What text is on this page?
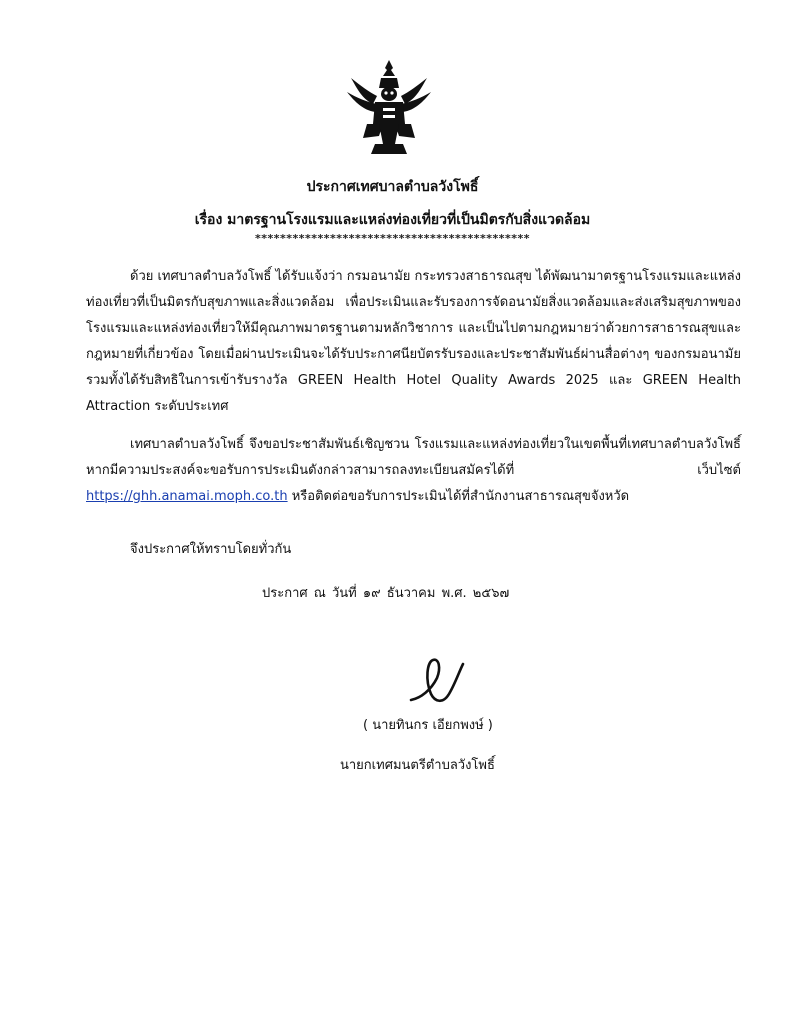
ประกาศเทศบาลตำบลวังโพธิ์
เรื่อง มาตรฐานโรงแรมและแหล่งท่องเที่ยวที่เป็นมิตรกับสิ่งแวดล้อม
********************************************
ด้วย เทศบาลตำบลวังโพธิ์ ได้รับแจ้งว่า กรมอนามัย กระทรวงสาธารณสุข ได้พัฒนามาตรฐานโรงแรมและแหล่งท่องเที่ยวที่เป็นมิตรกับสุขภาพและสิ่งแวดล้อม เพื่อประเมินและรับรองการจัดอนามัยสิ่งแวดล้อมและส่งเสริมสุขภาพของโรงแรมและแหล่งท่องเที่ยวให้มีคุณภาพมาตรฐานตามหลักวิชาการ และเป็นไปตามกฎหมายว่าด้วยการสาธารณสุขและกฎหมายที่เกี่ยวข้อง โดยเมื่อผ่านประเมินจะได้รับประกาศนียบัตรรับรองและประชาสัมพันธ์ผ่านสื่อต่างๆ ของกรมอนามัย รวมทั้งได้รับสิทธิในการเข้ารับรางวัล GREEN Health Hotel Quality Awards 2025 และ GREEN Health Attraction ระดับประเทศ
เทศบาลตำบลวังโพธิ์ จึงขอประชาสัมพันธ์เชิญชวน โรงแรมและแหล่งท่องเที่ยวในเขตพื้นที่เทศบาลตำบลวังโพธิ์ หากมีความประสงค์จะขอรับการประเมินดังกล่าวสามารถลงทะเบียนสมัครได้ที่ เว็บไซต์ https://ghh.anamai.moph.co.th หรือติดต่อขอรับการประเมินได้ที่สำนักงานสาธารณสุขจังหวัด
จึงประกาศให้ทราบโดยทั่วกัน
ประกาศ ณ วันที่ ๑๙ ธันวาคม พ.ศ. ๒๕๖๗
( นายทินกร เอียกพงษ์ )
นายกเทศมนตรีตำบลวังโพธิ์
